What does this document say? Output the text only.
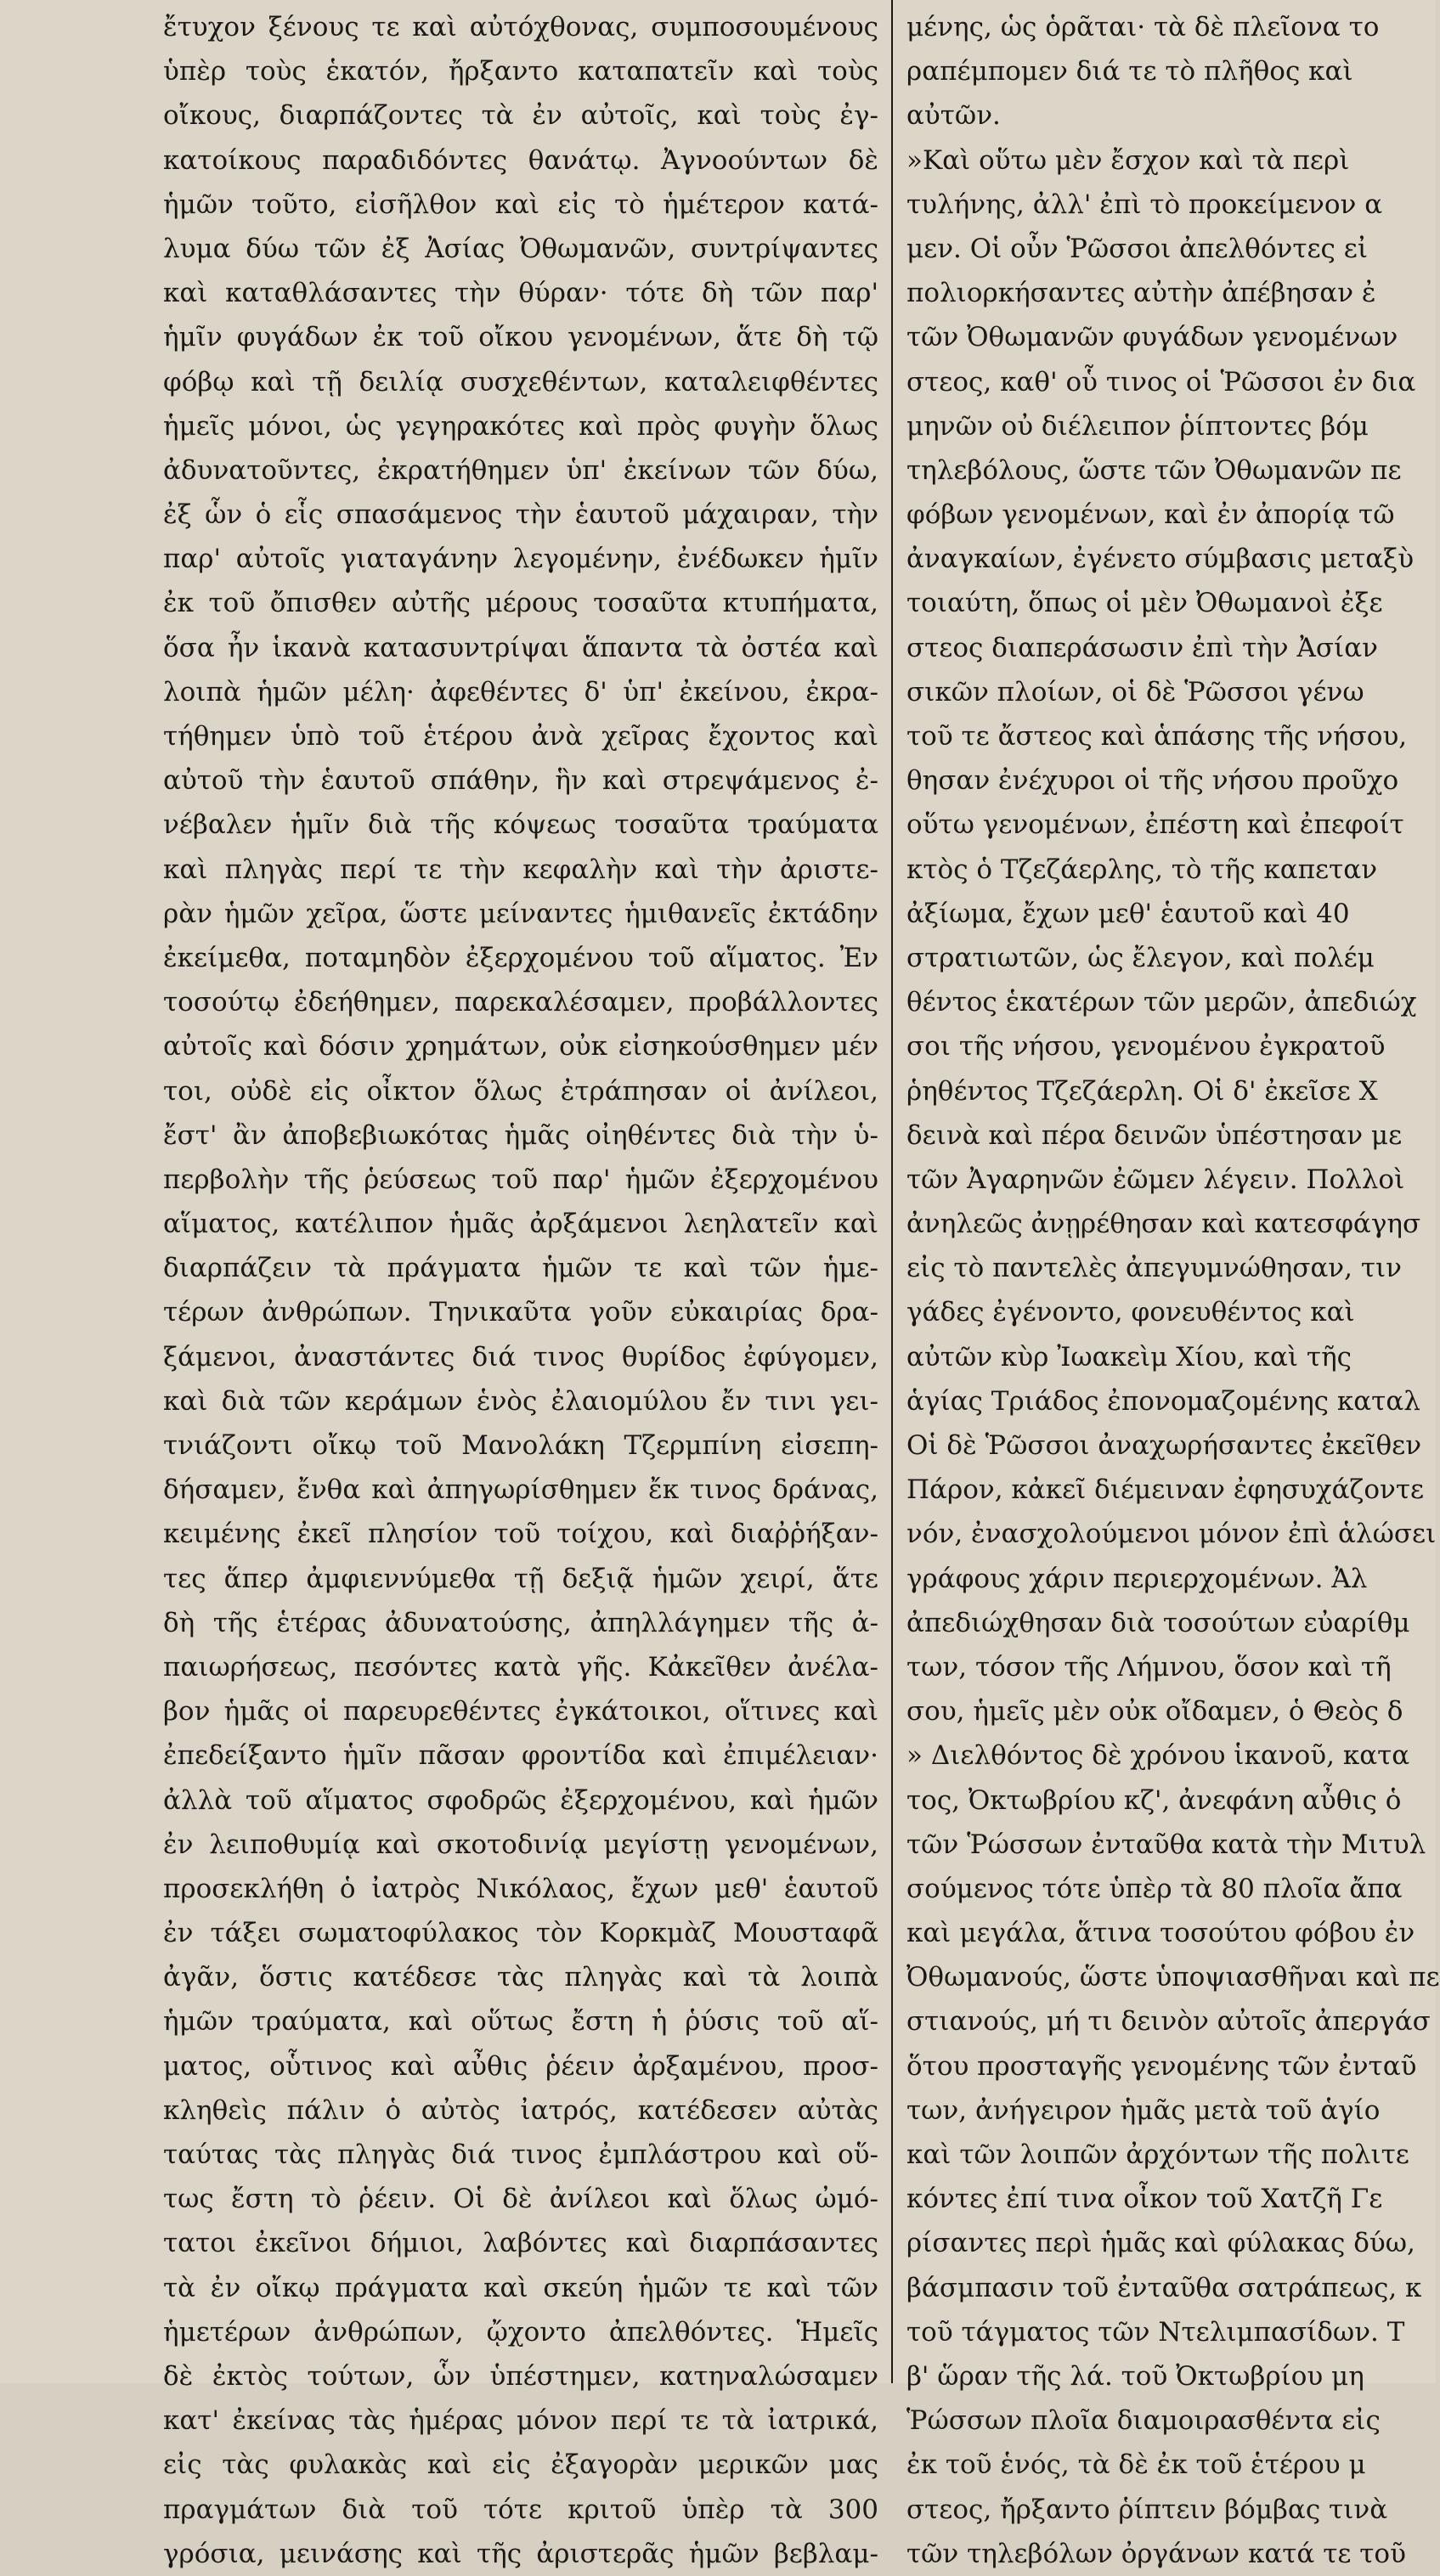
ἔτυχον ξένους τε καὶ αὐτόχθονας, συμποσουμένους
ὑπὲρ τοὺς ἑκατόν, ἤρξαντο καταπατεῖν καὶ τοὺς
οἴκους, διαρπάζοντες τὰ ἐν αὐτοῖς, καὶ τοὺς ἐγ-
κατοίκους παραδιδόντες θανάτῳ. Ἀγνοούντων δὲ
ἡμῶν τοῦτο, εἰσῆλθον καὶ εἰς τὸ ἡμέτερον κατά-
λυμα δύω τῶν ἐξ Ἀσίας Ὀθωμανῶν, συντρίψαντες
καὶ καταθλάσαντες τὴν θύραν· τότε δὴ τῶν παρ'
ἡμῖν φυγάδων ἐκ τοῦ οἴκου γενομένων, ἅτε δὴ τῷ
φόβῳ καὶ τῇ δειλίᾳ συσχεθέντων, καταλειφθέντες
ἡμεῖς μόνοι, ὡς γεγηρακότες καὶ πρὸς φυγὴν ὅλως
ἀδυνατοῦντες, ἐκρατήθημεν ὑπ' ἐκείνων τῶν δύω,
ἐξ ὧν ὁ εἷς σπασάμενος τὴν ἑαυτοῦ μάχαιραν, τὴν
παρ' αὐτοῖς γιαταγάνην λεγομένην, ἐνέδωκεν ἡμῖν
ἐκ τοῦ ὄπισθεν αὐτῆς μέρους τοσαῦτα κτυπήματα,
ὅσα ἦν ἱκανὰ κατασυντρίψαι ἅπαντα τὰ ὀστέα καὶ
λοιπὰ ἡμῶν μέλη· ἀφεθέντες δ' ὑπ' ἐκείνου, ἐκρα-
τήθημεν ὑπὸ τοῦ ἑτέρου ἀνὰ χεῖρας ἔχοντος καὶ
αὐτοῦ τὴν ἑαυτοῦ σπάθην, ἣν καὶ στρεψάμενος ἐ-
νέβαλεν ἡμῖν διὰ τῆς κόψεως τοσαῦτα τραύματα
καὶ πληγὰς περί τε τὴν κεφαλὴν καὶ τὴν ἀριστε-
ρὰν ἡμῶν χεῖρα, ὥστε μείναντες ἡμιθανεῖς ἐκτάδην
ἐκείμεθα, ποταμηδὸν ἐξερχομένου τοῦ αἵματος. Ἐν
τοσούτῳ ἐδεήθημεν, παρεκαλέσαμεν, προβάλλοντες
αὐτοῖς καὶ δόσιν χρημάτων, οὐκ εἰσηκούσθημεν μέν
τοι, οὐδὲ εἰς οἶκτον ὅλως ἐτράπησαν οἱ ἀνίλεοι,
ἔστ' ἂν ἀποβεβιωκότας ἡμᾶς οἰηθέντες διὰ τὴν ὑ-
περβολὴν τῆς ῥεύσεως τοῦ παρ' ἡμῶν ἐξερχομένου
αἵματος, κατέλιπον ἡμᾶς ἀρξάμενοι λεηλατεῖν καὶ
διαρπάζειν τὰ πράγματα ἡμῶν τε καὶ τῶν ἡμε-
τέρων ἀνθρώπων. Τηνικαῦτα γοῦν εὐκαιρίας δρα-
ξάμενοι, ἀναστάντες διά τινος θυρίδος ἐφύγομεν,
καὶ διὰ τῶν κεράμων ἑνὸς ἐλαιομύλου ἔν τινι γει-
τνιάζοντι οἴκῳ τοῦ Μανολάκη Τζερμπίνη εἰσεπη-
δήσαμεν, ἔνθα καὶ ἀπηγωρίσθημεν ἔκ τινος δράνας,
κειμένης ἐκεῖ πλησίον τοῦ τοίχου, καὶ διαῤῥήξαν-
τες ἅπερ ἀμφιεννύμεθα τῇ δεξιᾷ ἡμῶν χειρί, ἅτε
δὴ τῆς ἑτέρας ἀδυνατούσης, ἀπηλλάγημεν τῆς ἀ-
παιωρήσεως, πεσόντες κατὰ γῆς. Κἀκεῖθεν ἀνέλα-
βον ἡμᾶς οἱ παρευρεθέντες ἐγκάτοικοι, οἵτινες καὶ
ἐπεδείξαντο ἡμῖν πᾶσαν φροντίδα καὶ ἐπιμέλειαν·
ἀλλὰ τοῦ αἵματος σφοδρῶς ἐξερχομένου, καὶ ἡμῶν
ἐν λειποθυμίᾳ καὶ σκοτοδινίᾳ μεγίστῃ γενομένων,
προσεκλήθη ὁ ἰατρὸς Νικόλαος, ἔχων μεθ' ἑαυτοῦ
ἐν τάξει σωματοφύλακος τὸν Κορκμὰζ Μουσταφᾶ
ἀγᾶν, ὅστις κατέδεσε τὰς πληγὰς καὶ τὰ λοιπὰ
ἡμῶν τραύματα, καὶ οὕτως ἔστη ἡ ῥύσις τοῦ αἵ-
ματος, οὗτινος καὶ αὖθις ῥέειν ἀρξαμένου, προσ-
κληθεὶς πάλιν ὁ αὐτὸς ἰατρός, κατέδεσεν αὐτὰς
ταύτας τὰς πληγὰς διά τινος ἐμπλάστρου καὶ οὕ-
τως ἔστη τὸ ῥέειν. Οἱ δὲ ἀνίλεοι καὶ ὅλως ὠμό-
τατοι ἐκεῖνοι δήμιοι, λαβόντες καὶ διαρπάσαντες
τὰ ἐν οἴκῳ πράγματα καὶ σκεύη ἡμῶν τε καὶ τῶν
ἡμετέρων ἀνθρώπων, ᾤχοντο ἀπελθόντες. Ἡμεῖς
δὲ ἐκτὸς τούτων, ὧν ὑπέστημεν, κατηναλώσαμεν
κατ' ἐκείνας τὰς ἡμέρας μόνον περί τε τὰ ἰατρικά,
εἰς τὰς φυλακὰς καὶ εἰς ἐξαγορὰν μερικῶν μας
πραγμάτων διὰ τοῦ τότε κριτοῦ ὑπὲρ τὰ 300
γρόσια, μεινάσης καὶ τῆς ἀριστερᾶς ἡμῶν βεβλαμ-
μένης, ὡς ὁρᾶται· τὰ δὲ πλεῖονα το
ραπέμπομεν διά τε τὸ πλῆθος καὶ
αὐτῶν.
»Καὶ οὕτω μὲν ἔσχον καὶ τὰ περὶ
τυλήνης, ἀλλ' ἐπὶ τὸ προκείμενον α
μεν. Οἱ οὖν Ῥῶσσοι ἀπελθόντες εἰ
πολιορκήσαντες αὐτὴν ἀπέβησαν ἐ
τῶν Ὀθωμανῶν φυγάδων γενομένων
στεος, καθ' οὗ τινος οἱ Ῥῶσσοι ἐν δια
μηνῶν οὐ διέλειπον ῥίπτοντες βόμ
τηλεβόλους, ὥστε τῶν Ὀθωμανῶν πε
φόβων γενομένων, καὶ ἐν ἀπορίᾳ τῶ
ἀναγκαίων, ἐγένετο σύμβασις μεταξὺ
τοιαύτη, ὅπως οἱ μὲν Ὀθωμανοὶ ἐξε
στεος διαπεράσωσιν ἐπὶ τὴν Ἀσίαν
σικῶν πλοίων, οἱ δὲ Ῥῶσσοι γένω
τοῦ τε ἄστεος καὶ ἁπάσης τῆς νήσου,
θησαν ἐνέχυροι οἱ τῆς νήσου προῦχο
οὕτω γενομένων, ἐπέστη καὶ ἐπεφοίτ
κτὸς ὁ Τζεζάερλης, τὸ τῆς καπεταν
ἀξίωμα, ἔχων μεθ' ἑαυτοῦ καὶ 40
στρατιωτῶν, ὡς ἔλεγον, καὶ πολέμ
θέντος ἑκατέρων τῶν μερῶν, ἀπεδιώχ
σοι τῆς νήσου, γενομένου ἐγκρατοῦ
ῥηθέντος Τζεζάερλη. Οἱ δ' ἐκεῖσε Χ
δεινὰ καὶ πέρα δεινῶν ὑπέστησαν με
τῶν Ἀγαρηνῶν ἐῶμεν λέγειν. Πολλοὶ
ἀνηλεῶς ἀνῃρέθησαν καὶ κατεσφάγησ
εἰς τὸ παντελὲς ἀπεγυμνώθησαν, τιν
γάδες ἐγένοντο, φονευθέντος καὶ
αὐτῶν κὺρ Ἰωακεὶμ Χίου, καὶ τῆς
ἁγίας Τριάδος ἐπονομαζομένης καταλ
Οἱ δὲ Ῥῶσσοι ἀναχωρήσαντες ἐκεῖθεν
Πάρον, κἀκεῖ διέμειναν ἐφησυχάζοντε
νόν, ἐνασχολούμενοι μόνον ἐπὶ ἁλώσει
γράφους χάριν περιερχομένων. Ἀλ
ἀπεδιώχθησαν διὰ τοσούτων εὐαρίθμ
των, τόσον τῆς Λήμνου, ὅσον καὶ τῆ
σου, ἡμεῖς μὲν οὐκ οἴδαμεν, ὁ Θεὸς δ
» Διελθόντος δὲ χρόνου ἱκανοῦ, κατα
τος, Ὀκτωβρίου κζ', ἀνεφάνη αὖθις ὁ
τῶν Ῥώσσων ἐνταῦθα κατὰ τὴν Μιτυλ
σούμενος τότε ὑπὲρ τὰ 80 πλοῖα ἄπα
καὶ μεγάλα, ἅτινα τοσούτου φόβου ἐν
Ὀθωμανούς, ὥστε ὑποψιασθῆναι καὶ πε
στιανούς, μή τι δεινὸν αὐτοῖς ἀπεργάσ
ὅτου προσταγῆς γενομένης τῶν ἐνταῦ
των, ἀνήγειρον ἡμᾶς μετὰ τοῦ ἁγίο
καὶ τῶν λοιπῶν ἀρχόντων τῆς πολιτε
κόντες ἐπί τινα οἶκον τοῦ Χατζῆ Γε
ρίσαντες περὶ ἡμᾶς καὶ φύλακας δύω,
βάσμπασιν τοῦ ἐνταῦθα σατράπεως, κ
τοῦ τάγματος τῶν Ντελιμπασίδων. Τ
β' ὥραν τῆς λά. τοῦ Ὀκτωβρίου μη
Ῥώσσων πλοῖα διαμοιρασθέντα εἰς
ἐκ τοῦ ἑνός, τὰ δὲ ἐκ τοῦ ἑτέρου μ
στεος, ἤρξαντο ῥίπτειν βόμβας τινὰ
τῶν τηλεβόλων ὀργάνων κατά τε τοῦ
